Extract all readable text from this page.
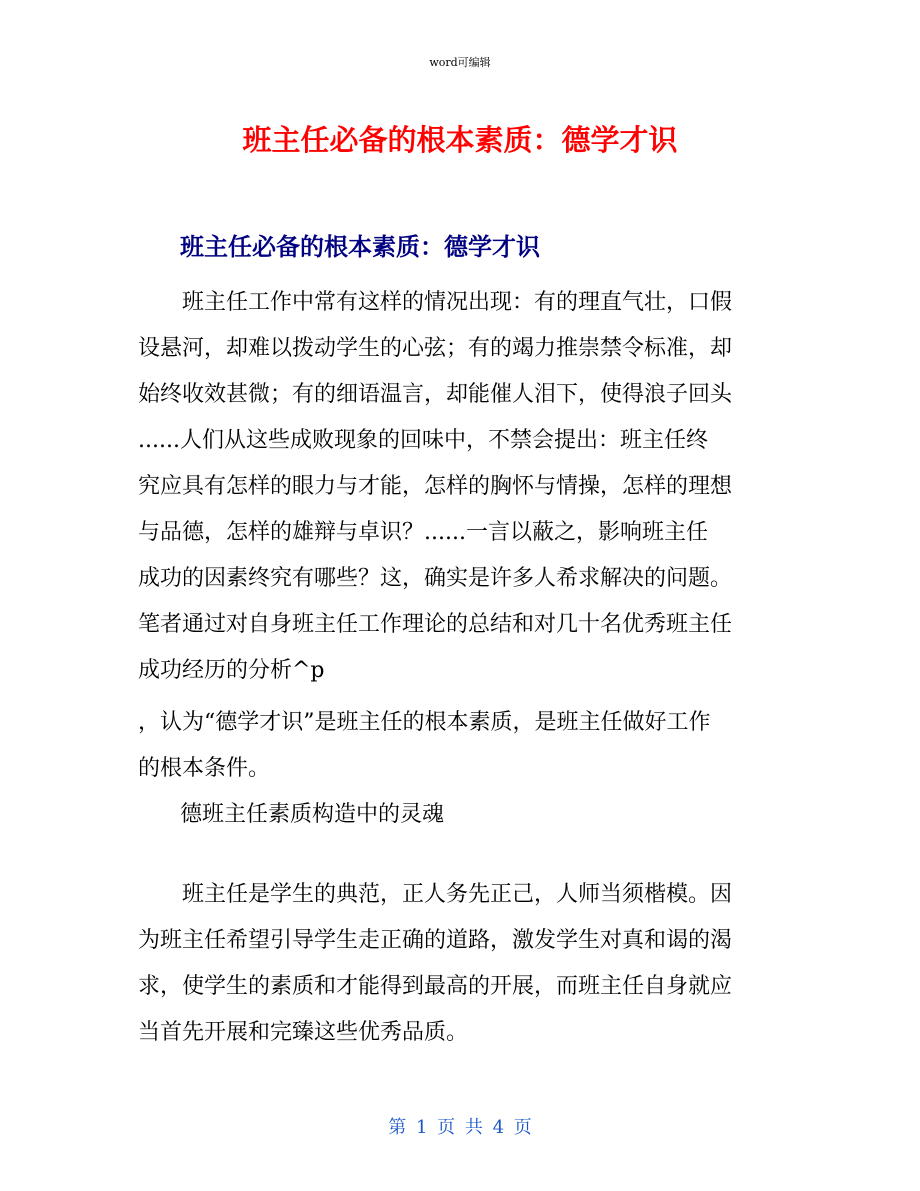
word可编辑
班主任必备的根本素质：德学才识
班主任必备的根本素质：德学才识
　　班主任工作中常有这样的情况出现：有的理直气壮，口假
设悬河，却难以拨动学生的心弦；有的竭力推崇禁令标准，却
始终收效甚微；有的细语温言，却能催人泪下，使得浪子回头
......人们从这些成败现象的回味中，不禁会提出：班主任终
究应具有怎样的眼力与才能，怎样的胸怀与情操，怎样的理想
与品德，怎样的雄辩与卓识？......一言以蔽之，影响班主任
成功的因素终究有哪些？这，确实是许多人希求解决的问题。
笔者通过对自身班主任工作理论的总结和对几十名优秀班主任
成功经历的分析^p
，认为“德学才识”是班主任的根本素质，是班主任做好工作
的根本条件。
德班主任素质构造中的灵魂
　　班主任是学生的典范，正人务先正己，人师当须楷模。因
为班主任希望引导学生走正确的道路，激发学生对真和谒的渴
求，使学生的素质和才能得到最高的开展，而班主任自身就应
当首先开展和完臻这些优秀品质。
第 1 页 共 4 页
